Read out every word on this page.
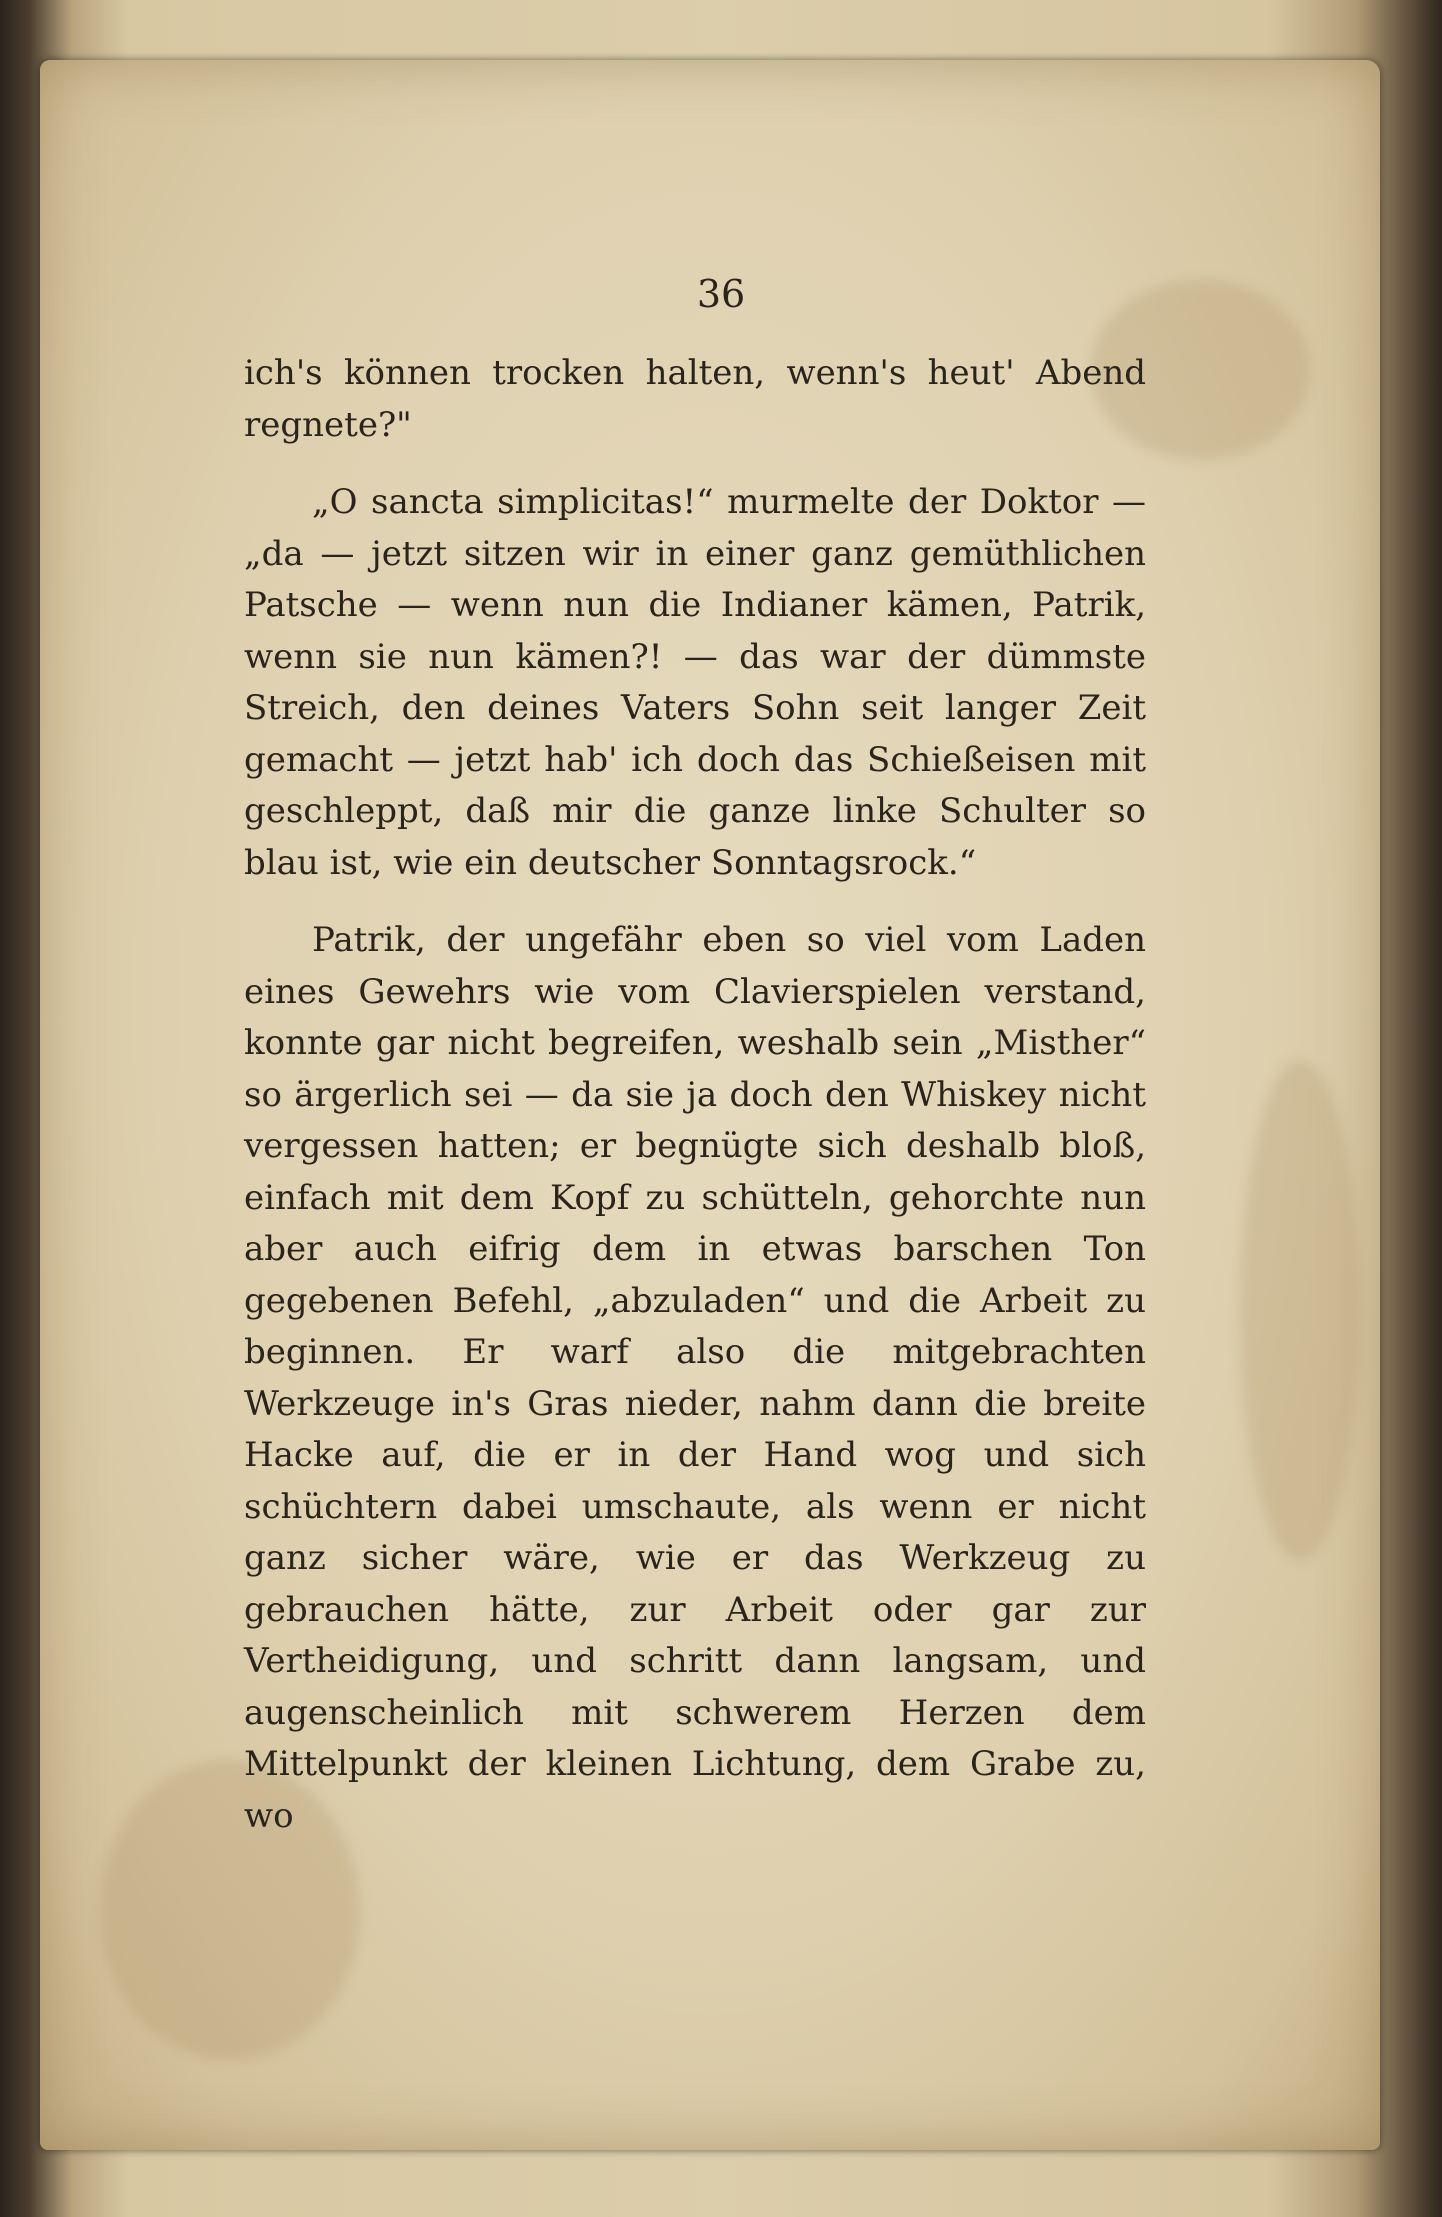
36

ich's können trocken halten, wenn's heut' Abend regnete?"

„O sancta simplicitas!“ murmelte der Doktor — „da — jetzt sitzen wir in einer ganz gemüthlichen Patsche — wenn nun die Indianer kämen, Patrik, wenn sie nun kämen?! — das war der dümmste Streich, den deines Vaters Sohn seit langer Zeit gemacht — jetzt hab' ich doch das Schießeisen mit geschleppt, daß mir die ganze linke Schulter so blau ist, wie ein deutscher Sonntagsrock.“

Patrik, der ungefähr eben so viel vom Laden eines Gewehrs wie vom Clavierspielen verstand, konnte gar nicht begreifen, weshalb sein „Misther“ so ärgerlich sei — da sie ja doch den Whiskey nicht vergessen hatten; er begnügte sich deshalb bloß, einfach mit dem Kopf zu schütteln, gehorchte nun aber auch eifrig dem in etwas barschen Ton gegebenen Befehl, „abzuladen“ und die Arbeit zu beginnen. Er warf also die mitgebrachten Werkzeuge in's Gras nieder, nahm dann die breite Hacke auf, die er in der Hand wog und sich schüchtern dabei umschaute, als wenn er nicht ganz sicher wäre, wie er das Werkzeug zu gebrauchen hätte, zur Arbeit oder gar zur Vertheidigung, und schritt dann langsam, und augenscheinlich mit schwerem Herzen dem Mittelpunkt der kleinen Lichtung, dem Grabe zu, wo
